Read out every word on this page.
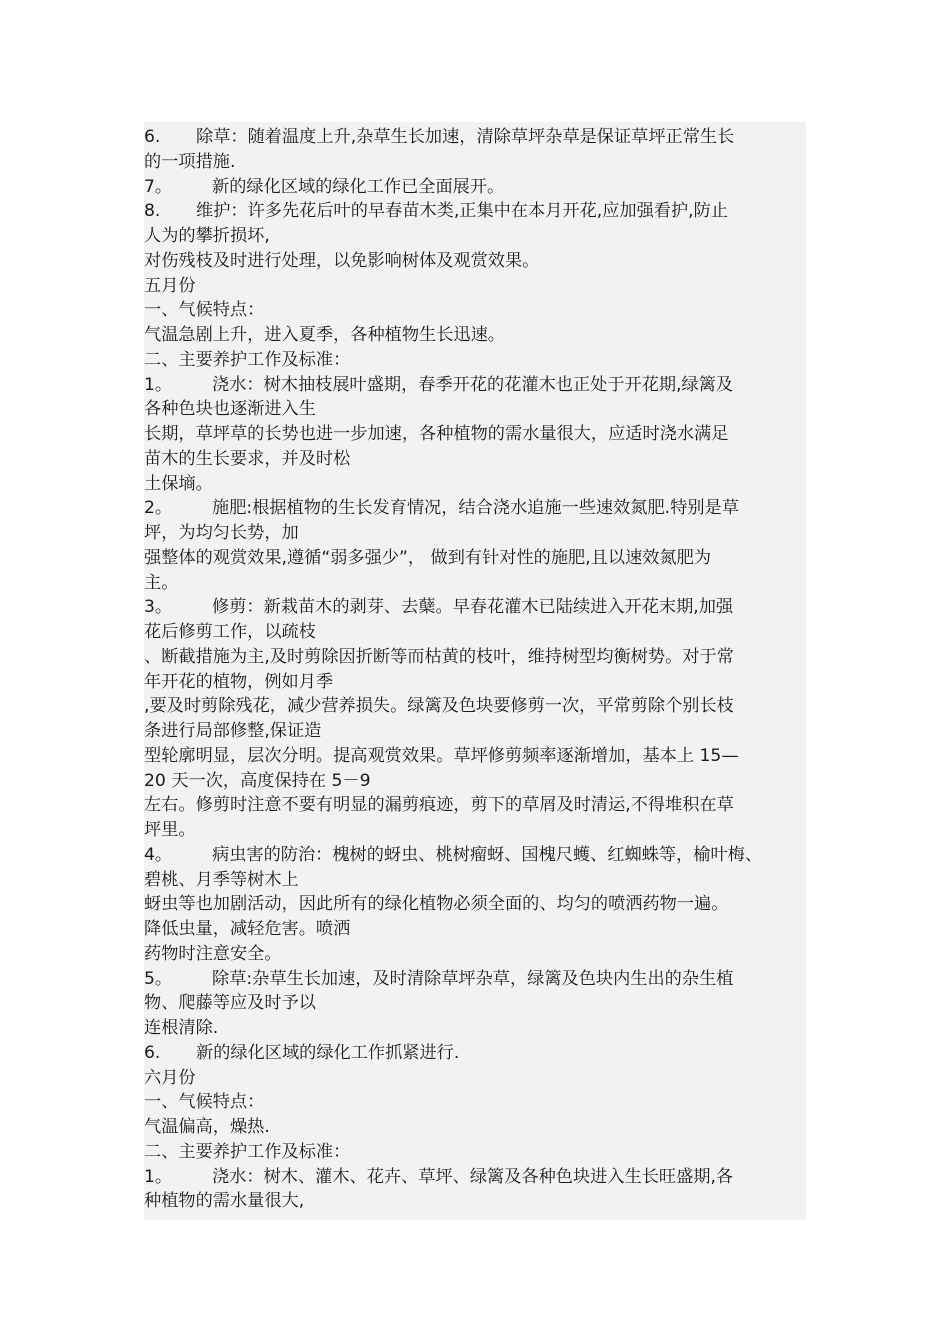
6. 除草：随着温度上升,杂草生长加速，清除草坪杂草是保证草坪正常生长
的一项措施.
7。 新的绿化区域的绿化工作已全面展开。
8. 维护：许多先花后叶的早春苗木类,正集中在本月开花,应加强看护,防止
人为的攀折损坏,
对伤残枝及时进行处理，以免影响树体及观赏效果。
五月份
一、气候特点：
气温急剧上升，进入夏季，各种植物生长迅速。
二、主要养护工作及标准：
1。 浇水：树木抽枝展叶盛期，春季开花的花灌木也正处于开花期,绿篱及
各种色块也逐渐进入生
长期，草坪草的长势也进一步加速，各种植物的需水量很大，应适时浇水满足
苗木的生长要求，并及时松
土保墒。
2。 施肥:根据植物的生长发育情况，结合浇水追施一些速效氮肥.特别是草
坪，为均匀长势，加
强整体的观赏效果,遵循“弱多强少”， 做到有针对性的施肥,且以速效氮肥为
主。
3。 修剪：新栽苗木的剥芽、去蘖。早春花灌木已陆续进入开花末期,加强
花后修剪工作，以疏枝
、断截措施为主,及时剪除因折断等而枯黄的枝叶，维持树型均衡树势。对于常
年开花的植物，例如月季
,要及时剪除残花，减少营养损失。绿篱及色块要修剪一次，平常剪除个别长枝
条进行局部修整,保证造
型轮廓明显，层次分明。提高观赏效果。草坪修剪频率逐渐增加，基本上 15—
20 天一次，高度保持在 5－9
左右。修剪时注意不要有明显的漏剪痕迹，剪下的草屑及时清运,不得堆积在草
坪里。
4。 病虫害的防治：槐树的蚜虫、桃树瘤蚜、国槐尺蠖、红蜘蛛等，榆叶梅、
碧桃、月季等树木上
蚜虫等也加剧活动，因此所有的绿化植物必须全面的、均匀的喷洒药物一遍。
降低虫量，减轻危害。喷洒
药物时注意安全。
5。 除草:杂草生长加速，及时清除草坪杂草，绿篱及色块内生出的杂生植
物、爬藤等应及时予以
连根清除.
6. 新的绿化区域的绿化工作抓紧进行.
六月份
一、气候特点：
气温偏高，燥热.
二、主要养护工作及标准：
1。 浇水：树木、灌木、花卉、草坪、绿篱及各种色块进入生长旺盛期,各
种植物的需水量很大,
